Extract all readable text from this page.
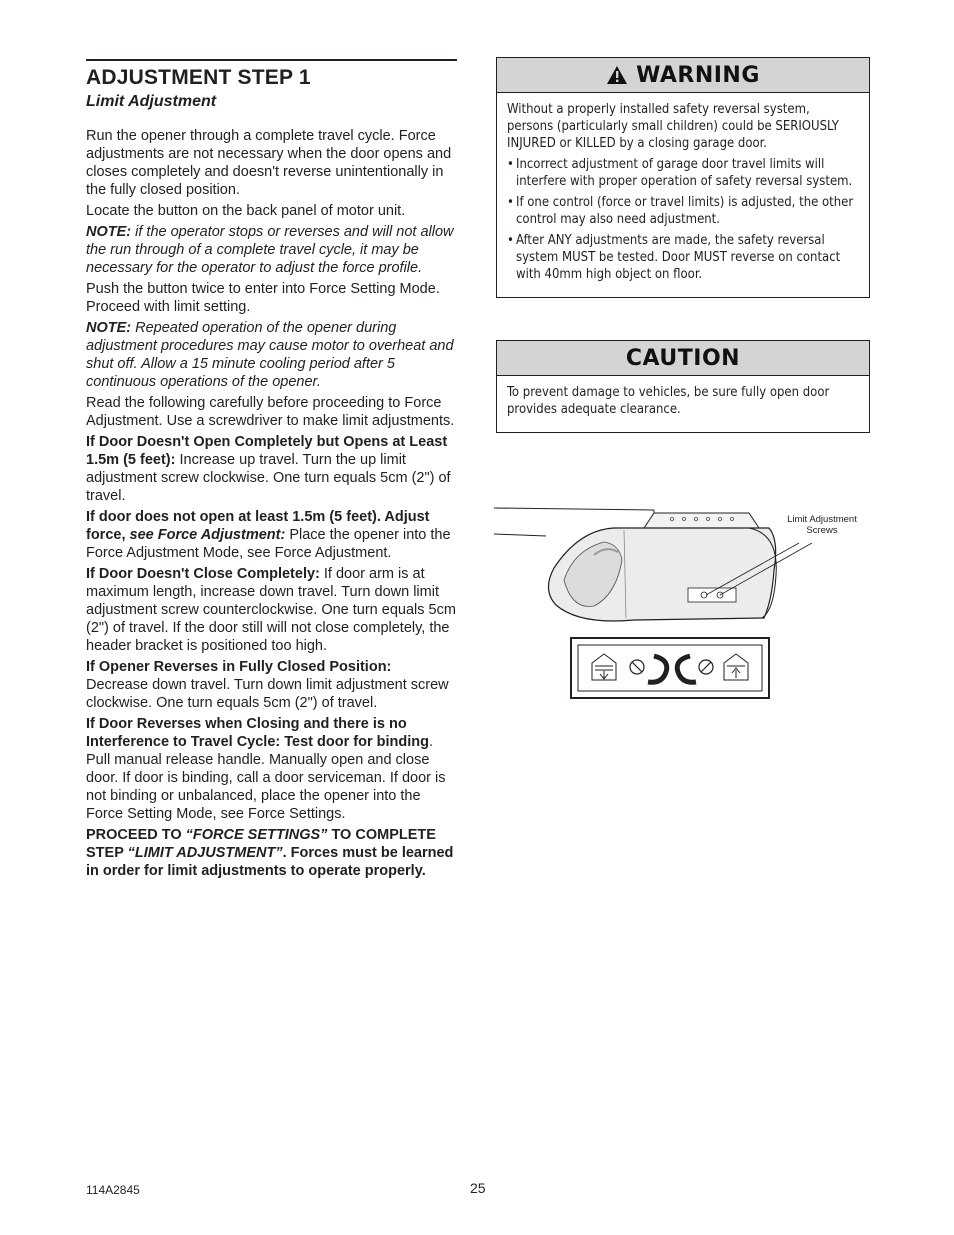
ADJUSTMENT STEP 1
Limit Adjustment

Run the opener through a complete travel cycle. Force adjustments are not necessary when the door opens and closes completely and doesn't reverse unintentionally in the fully closed position.

Locate the button on the back panel of motor unit.

NOTE: if the operator stops or reverses and will not allow the run through of a complete travel cycle, it may be necessary for the operator to adjust the force profile.

Push the button twice to enter into Force Setting Mode. Proceed with limit setting.

NOTE: Repeated operation of the opener during adjustment procedures may cause motor to overheat and shut off. Allow a 15 minute cooling period after 5 continuous operations of the opener.

Read the following carefully before proceeding to Force Adjustment. Use a screwdriver to make limit adjustments.

If Door Doesn't Open Completely but Opens at Least 1.5m (5 feet): Increase up travel. Turn the up limit adjustment screw clockwise. One turn equals 5cm (2") of travel.

If door does not open at least 1.5m (5 feet). Adjust force, see Force Adjustment: Place the opener into the Force Adjustment Mode, see Force Adjustment.

If Door Doesn't Close Completely: If door arm is at maximum length, increase down travel. Turn down limit adjustment screw counterclockwise. One turn equals 5cm (2") of travel. If the door still will not close completely, the header bracket is positioned too high.

If Opener Reverses in Fully Closed Position: Decrease down travel. Turn down limit adjustment screw clockwise. One turn equals 5cm (2") of travel.

If Door Reverses when Closing and there is no Interference to Travel Cycle: Test door for binding. Pull manual release handle. Manually open and close door. If door is binding, call a door serviceman. If door is not binding or unbalanced, place the opener into the Force Setting Mode, see Force Settings.

PROCEED TO “FORCE SETTINGS” TO COMPLETE STEP “LIMIT ADJUSTMENT”. Forces must be learned in order for limit adjustments to operate properly.

WARNING
Without a properly installed safety reversal system, persons (particularly small children) could be SERIOUSLY INJURED or KILLED by a closing garage door.
• Incorrect adjustment of garage door travel limits will interfere with proper operation of safety reversal system.
• If one control (force or travel limits) is adjusted, the other control may also need adjustment.
• After ANY adjustments are made, the safety reversal system MUST be tested. Door MUST reverse on contact with 40mm high object on floor.
CAUTION
To prevent damage to vehicles, be sure fully open door provides adequate clearance.
Limit Adjustment Screws
114A2845	25
